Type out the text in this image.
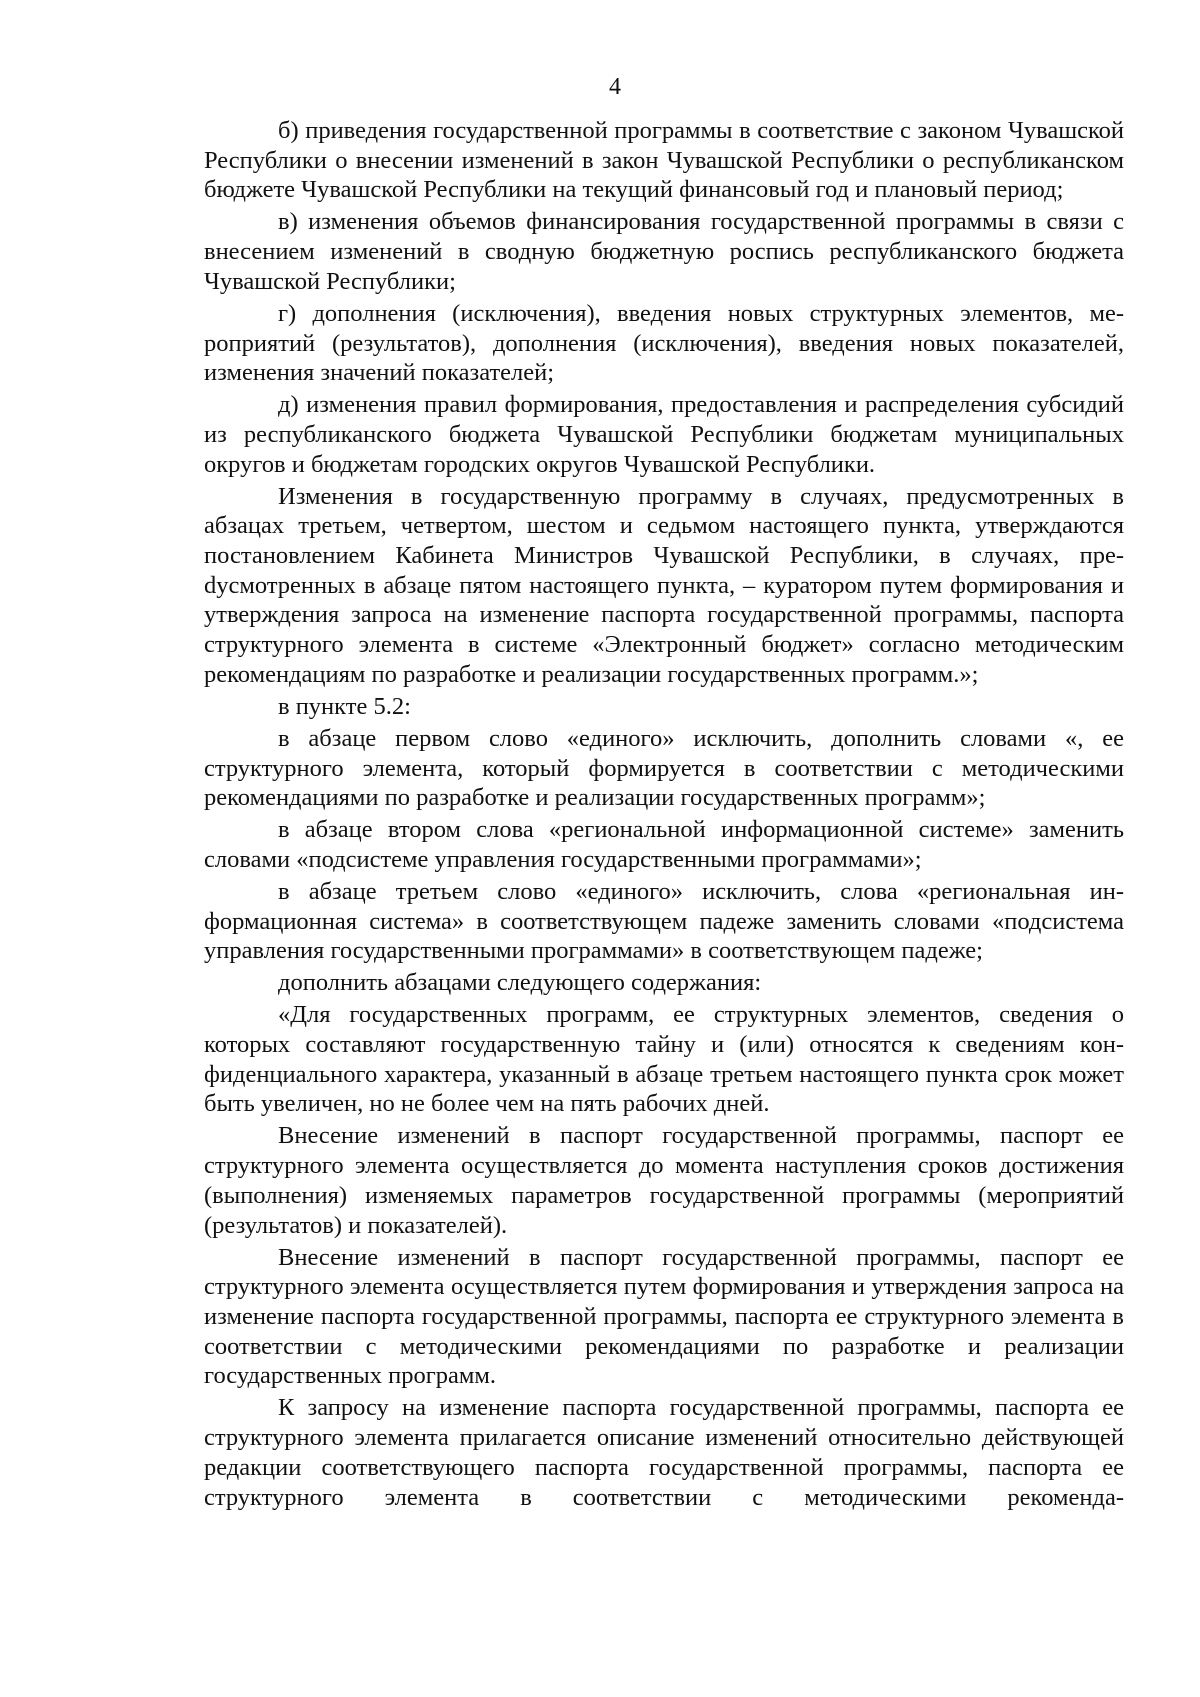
4

б) приведения государственной программы в соответствие с законом Чувашской Республики о внесении изменений в закон Чувашской Республики о республиканском бюджете Чувашской Республики на текущий финансовый год и плановый период;

в) изменения объемов финансирования государственной программы в связи с внесением изменений в сводную бюджетную роспись республиканского бюджета Чувашской Республики;

г) дополнения (исключения), введения новых структурных элементов, мероприятий (результатов), дополнения (исключения), введения новых показателей, изменения значений показателей;

д) изменения правил формирования, предоставления и распределения субсидий из республиканского бюджета Чувашской Республики бюджетам муниципальных округов и бюджетам городских округов Чувашской Республики.

Изменения в государственную программу в случаях, предусмотренных в абзацах третьем, четвертом, шестом и седьмом настоящего пункта, утверждаются постановлением Кабинета Министров Чувашской Республики, в случаях, преdусмотренных в абзаце пятом настоящего пункта, – куратором путем формирования и утверждения запроса на изменение паспорта государственной программы, паспорта структурного элемента в системе «Электронный бюджет» согласно методическим рекомендациям по разработке и реализации государственных программ.»;

в пункте 5.2:

в абзаце первом слово «единого» исключить, дополнить словами «, ее структурного элемента, который формируется в соответствии с методическими рекомендациями по разработке и реализации государственных программ»;

в абзаце втором слова «региональной информационной системе» заменить словами «подсистеме управления государственными программами»;

в абзаце третьем слово «единого» исключить, слова «региональная информационная система» в соответствующем падеже заменить словами «подсистема управления государственными программами» в соответствующем падеже;

дополнить абзацами следующего содержания:

«Для государственных программ, ее структурных элементов, сведения о которых составляют государственную тайну и (или) относятся к сведениям конфиденциального характера, указанный в абзаце третьем настоящего пункта срок может быть увеличен, но не более чем на пять рабочих дней.

Внесение изменений в паспорт государственной программы, паспорт ее структурного элемента осуществляется до момента наступления сроков достижения (выполнения) изменяемых параметров государственной программы (мероприятий (результатов) и показателей).

Внесение изменений в паспорт государственной программы, паспорт ее структурного элемента осуществляется путем формирования и утверждения запроса на изменение паспорта государственной программы, паспорта ее структурного элемента в соответствии с методическими рекомендациями по разработке и реализации государственных программ.

К запросу на изменение паспорта государственной программы, паспорта ее структурного элемента прилагается описание изменений относительно действующей редакции соответствующего паспорта государственной программы, паспорта ее структурного элемента в соответствии с методическими рекоменда-
